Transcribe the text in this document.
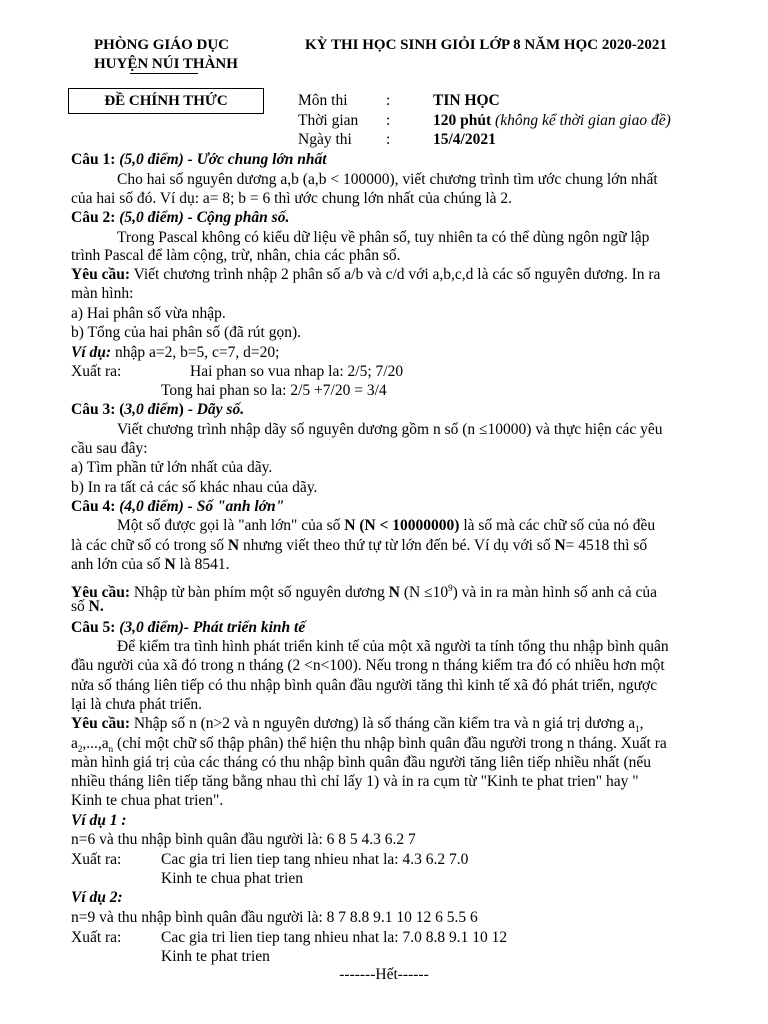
PHÒNG GIÁO DỤC
HUYỆN NÚI THÀNH
KỲ THI HỌC SINH GIỎI LỚP 8 NĂM HỌC 2020-2021
ĐỀ CHÍNH THỨC	Môn thi :	TIN HỌC
Thời gian :	120 phút (không kể thời gian giao đề)
Ngày thi :	15/4/2021
Câu 1: (5,0 điểm) - Ước chung lớn nhất
Cho hai số nguyên dương a,b (a,b < 100000), viết chương trình tìm ước chung lớn nhất
của hai số đó. Ví dụ: a= 8; b = 6 thì ước chung lớn nhất của chúng là 2.
Câu 2: (5,0 điểm) - Cộng phân số.
Trong Pascal không có kiểu dữ liệu về phân số, tuy nhiên ta có thể dùng ngôn ngữ lập
trình Pascal để làm cộng, trừ, nhân, chia các phân số.
Yêu cầu: Viết chương trình nhập 2 phân số a/b và c/d với a,b,c,d là các số nguyên dương. In ra
màn hình:
a) Hai phân số vừa nhập.
b) Tổng của hai phân số (đã rút gọn).
Ví dụ: nhập a=2, b=5, c=7, d=20;
Xuất ra:	Hai phan so vua nhap la: 2/5; 7/20
Tong hai phan so la: 2/5 +7/20 = 3/4
Câu 3: (3,0 điểm) - Dãy số.
Viết chương trình nhập dãy số nguyên dương gồm n số (n ≤10000) và thực hiện các yêu
cầu sau đây:
a) Tìm phần tử lớn nhất của dãy.
b) In ra tất cả các số khác nhau của dãy.
Câu 4: (4,0 điểm) - Số "anh lớn"
Một số được gọi là "anh lớn" của số N (N < 10000000) là số mà các chữ số của nó đều
là các chữ số có trong số N nhưng viết theo thứ tự từ lớn đến bé. Ví dụ với số N= 4518 thì số
anh lớn của số N là 8541.
Yêu cầu: Nhập từ bàn phím một số nguyên dương N $(N \le 10^9)$ và in ra màn hình số anh cả của
số N.
Câu 5: (3,0 điểm)- Phát triển kinh tế
Để kiểm tra tình hình phát triển kinh tế của một xã người ta tính tổng thu nhập bình quân
đầu người của xã đó trong n tháng (2 <n<100). Nếu trong n tháng kiểm tra đó có nhiều hơn một
nửa số tháng liên tiếp có thu nhập bình quân đầu người tăng thì kinh tế xã đó phát triển, ngược
lại là chưa phát triển.
Yêu cầu: Nhập số n (n>2 và n nguyên dương) là số tháng cần kiểm tra và n giá trị dương $a_1$,
$a_2,...,a_n$ (chỉ một chữ số thập phân) thể hiện thu nhập bình quân đầu người trong n tháng. Xuất ra
màn hình giá trị của các tháng có thu nhập bình quân đầu người tăng liên tiếp nhiều nhất (nếu
nhiều tháng liên tiếp tăng bằng nhau thì chỉ lấy 1) và in ra cụm từ "Kinh te phat trien" hay "
Kinh te chua phat trien".
Ví dụ 1 :
n=6 và thu nhập bình quân đầu người là: 6 8 5 4.3 6.2 7
Xuất ra:	Cac gia tri lien tiep tang nhieu nhat la: 4.3 6.2 7.0
Kinh te chua phat trien
Ví dụ 2:
n=9 và thu nhập bình quân đầu người là: 8 7 8.8 9.1 10 12 6 5.5 6
Xuất ra:	Cac gia tri lien tiep tang nhieu nhat la: 7.0 8.8 9.1 10 12
Kinh te phat trien
-------Hết------
